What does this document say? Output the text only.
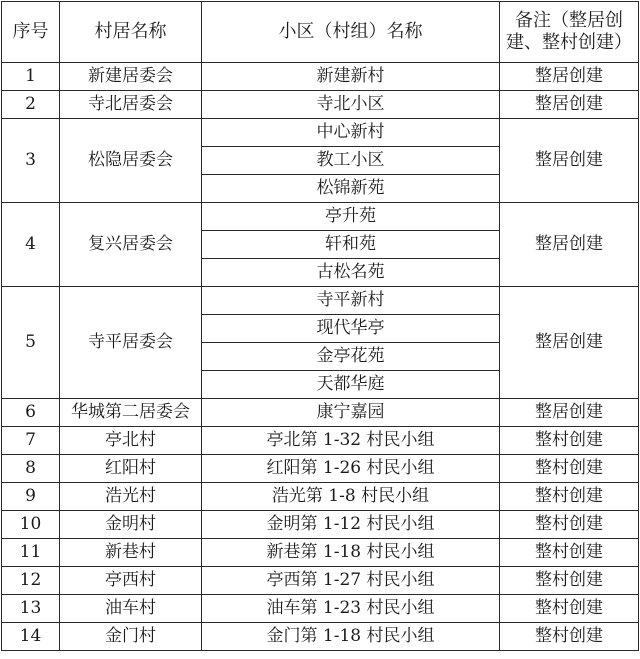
序号	村居名称	小区（村组）名称	备注（整居创建、整村创建）
1	新建居委会	新建新村	整居创建
2	寺北居委会	寺北小区	整居创建
3	松隐居委会	中心新村	整居创建
		教工小区	
		松锦新苑	
4	复兴居委会	亭升苑	整居创建
		轩和苑	
		古松名苑	
5	寺平居委会	寺平新村	整居创建
		现代华亭	
		金亭花苑	
		天都华庭	
6	华城第二居委会	康宁嘉园	整居创建
7	亭北村	亭北第 1-32 村民小组	整村创建
8	红阳村	红阳第 1-26 村民小组	整村创建
9	浩光村	浩光第 1-8 村民小组	整村创建
10	金明村	金明第 1-12 村民小组	整村创建
11	新巷村	新巷第 1-18 村民小组	整村创建
12	亭西村	亭西第 1-27 村民小组	整村创建
13	油车村	油车第 1-23 村民小组	整村创建
14	金门村	金门第 1-18 村民小组	整村创建
